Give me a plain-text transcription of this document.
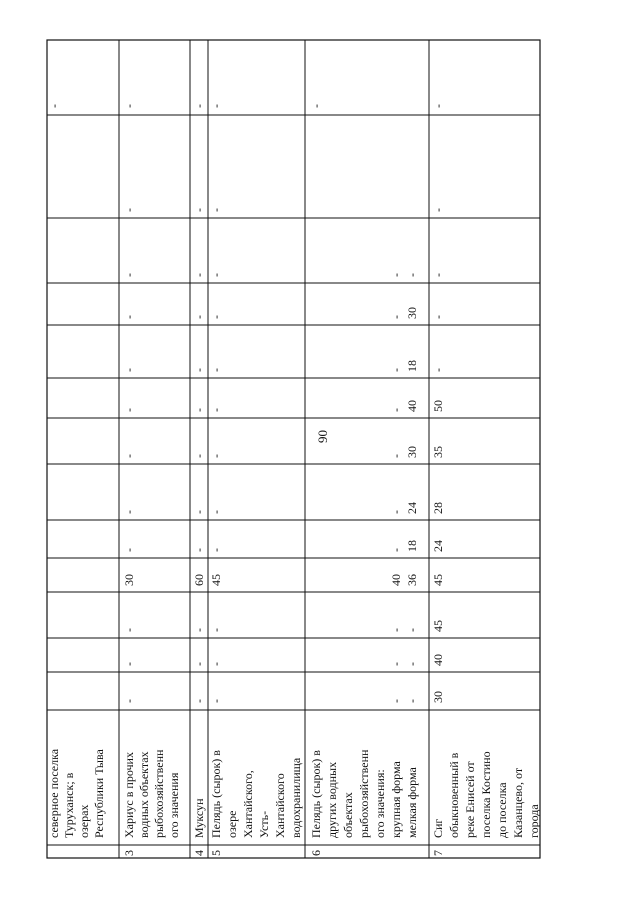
90
северное поселка Туруханск; в озерах Республики Тыва
-
Хариус в прочих водных объектах рыбохозяйственн ого значения
3
-
-
-
30
-
-
-
-
-
-
-
-
-
Муксун
4
-
-
-
60
-
-
-
-
-
-
-
-
-
Пелядь (сырок) в озере Хантайского, Усть- Хантайского водохранилища
5
-
-
-
45
-
-
-
-
-
-
-
-
-
Пелядь (сырок) в других водных объектах рыбохозяйственн ого значения: крупная форма мелкая форма
6
-
-
-
40
-
-
-
-
-
-
-
-
-
-
36
18
24
30
40
18
30
-
-
Сиг обыкновенный в реке Енисей от поселка Костино до поселка Казанцево, от города
7
30
40
45
45
24
28
35
50
-
-
-
-
-
